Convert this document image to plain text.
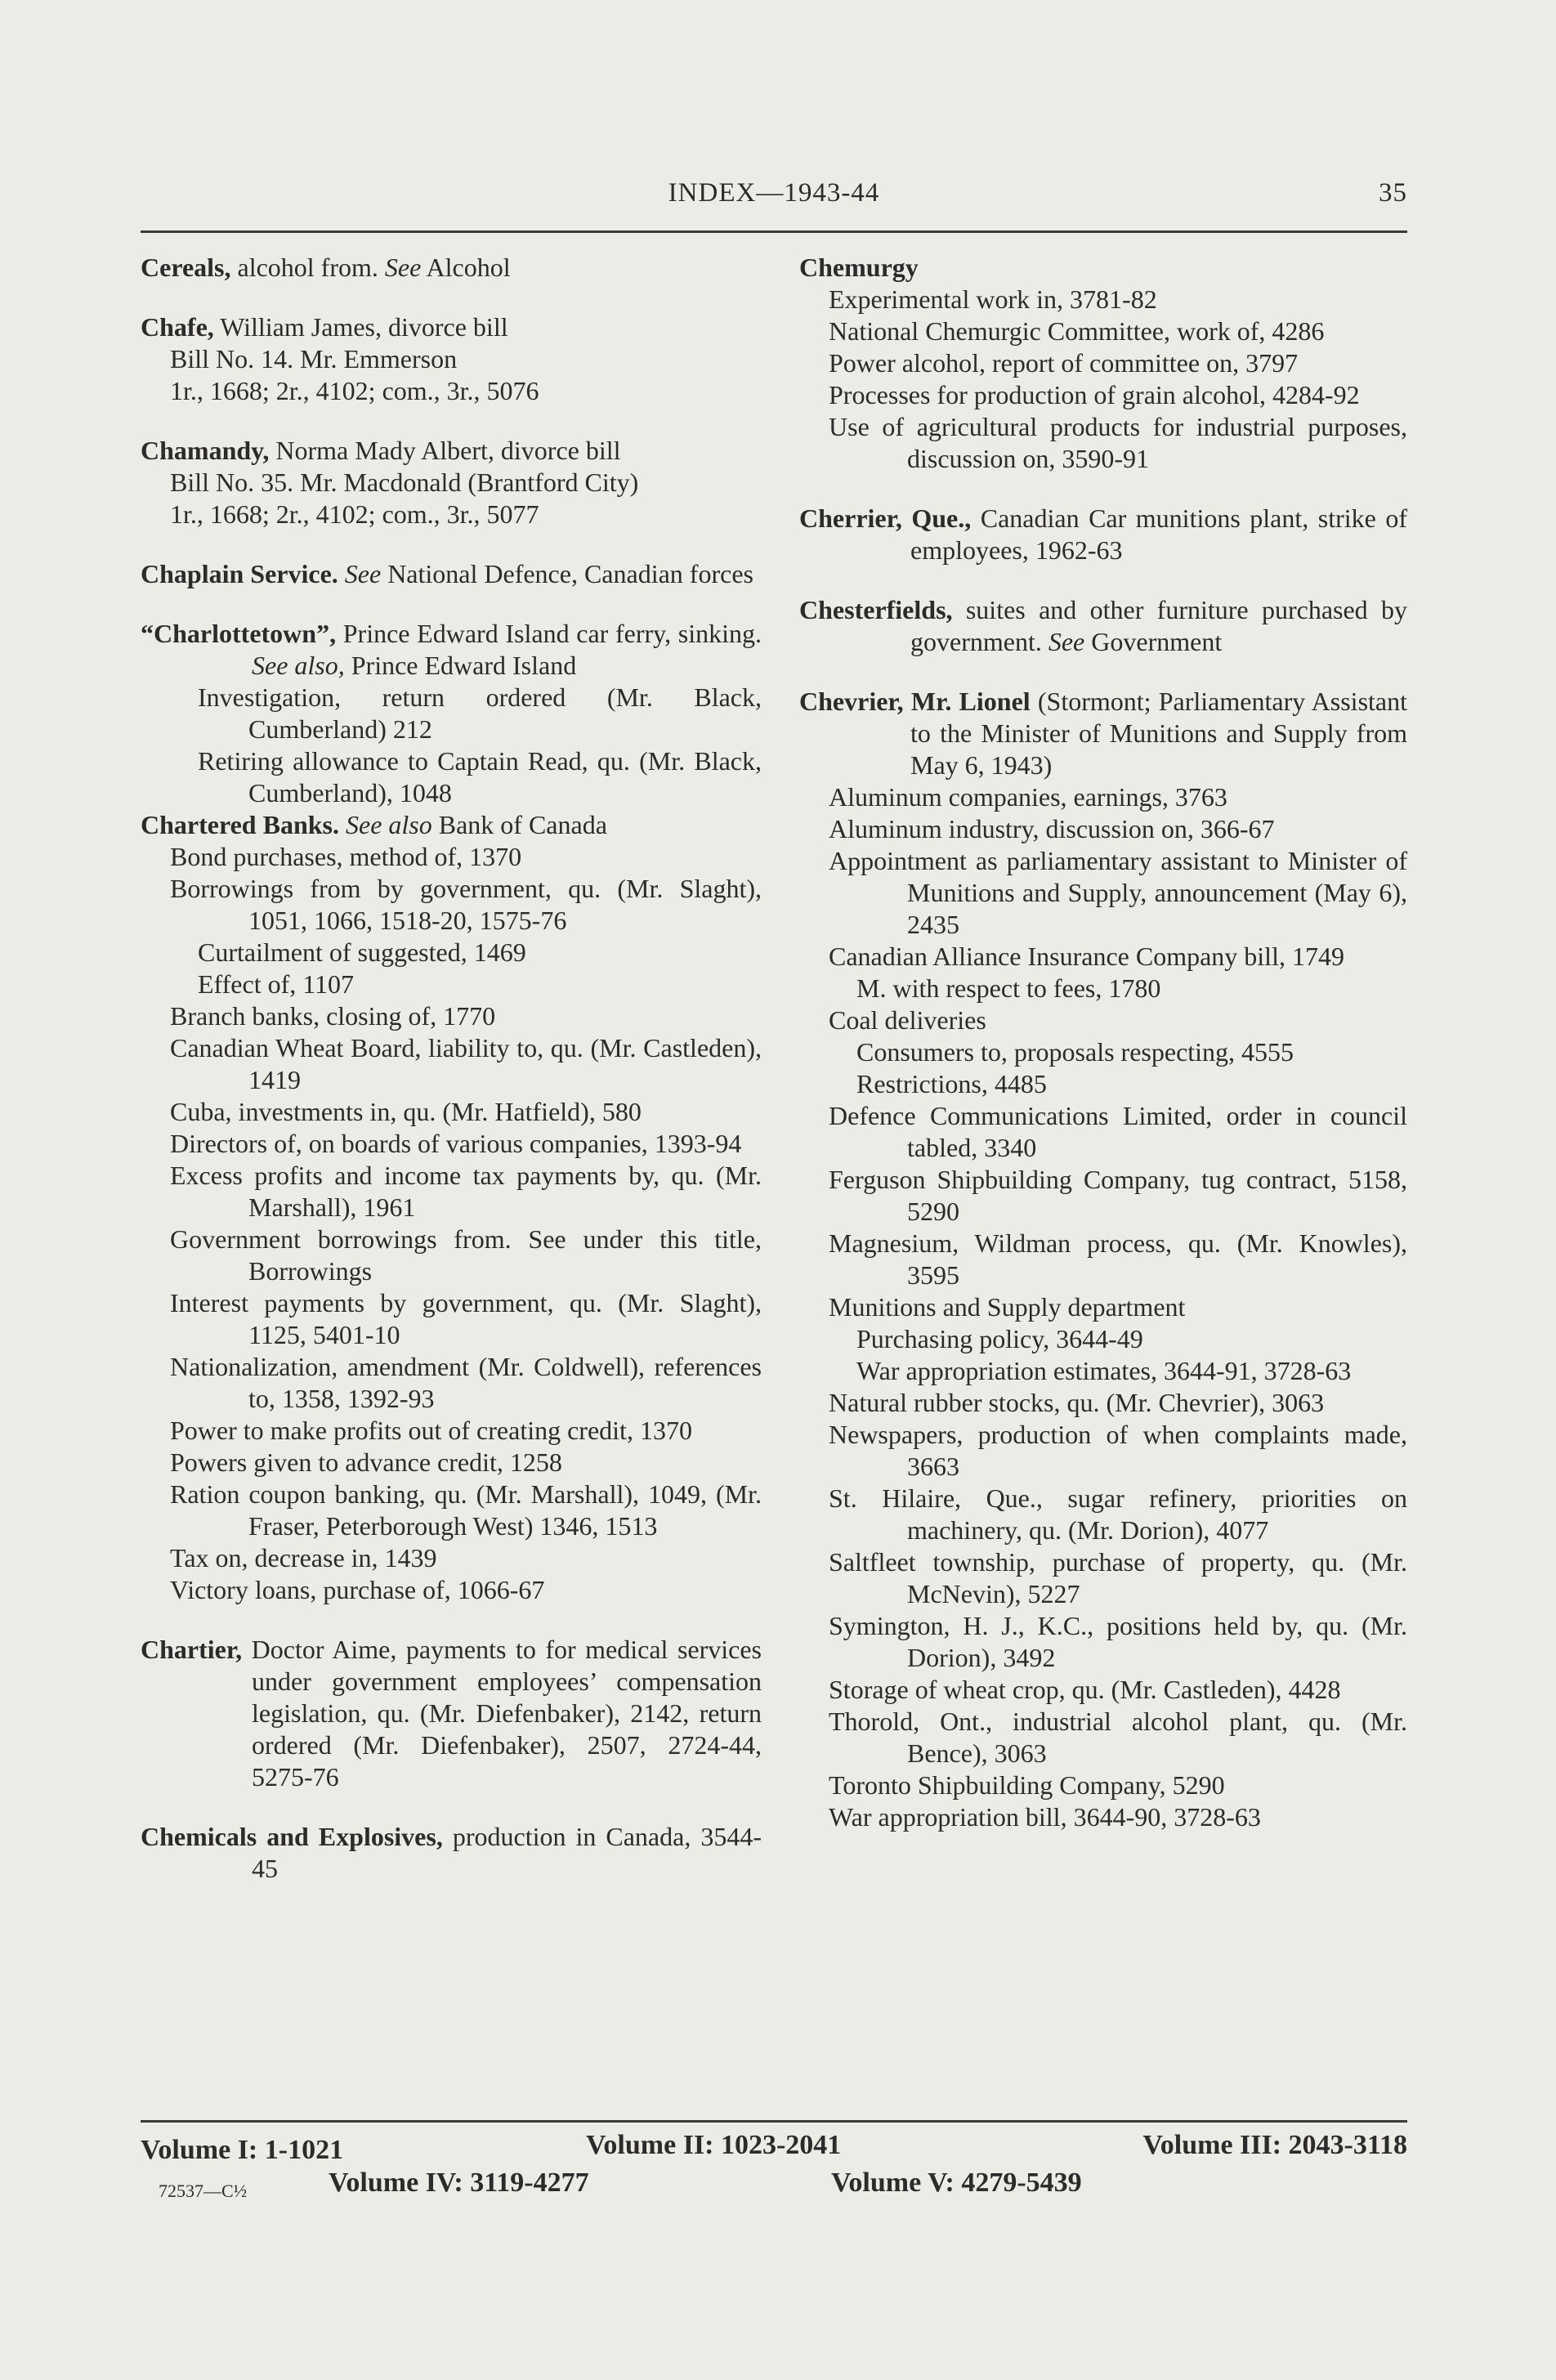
INDEX—1943-44	35
Cereals, alcohol from. See Alcohol
Chafe, William James, divorce bill
Bill No. 14. Mr. Emmerson
1r., 1668; 2r., 4102; com., 3r., 5076
Chamandy, Norma Mady Albert, divorce bill
Bill No. 35. Mr. Macdonald (Brantford City)
1r., 1668; 2r., 4102; com., 3r., 5077
Chaplain Service. See National Defence, Canadian forces
“Charlottetown”, Prince Edward Island car ferry, sinking. See also, Prince Edward Island
Investigation, return ordered (Mr. Black, Cumberland) 212
Retiring allowance to Captain Read, qu. (Mr. Black, Cumberland), 1048
Chartered Banks. See also Bank of Canada
Bond purchases, method of, 1370
Borrowings from by government, qu. (Mr. Slaght), 1051, 1066, 1518-20, 1575-76
Curtailment of suggested, 1469
Effect of, 1107
Branch banks, closing of, 1770
Canadian Wheat Board, liability to, qu. (Mr. Castleden), 1419
Cuba, investments in, qu. (Mr. Hatfield), 580
Directors of, on boards of various companies, 1393-94
Excess profits and income tax payments by, qu. (Mr. Marshall), 1961
Government borrowings from. See under this title, Borrowings
Interest payments by government, qu. (Mr. Slaght), 1125, 5401-10
Nationalization, amendment (Mr. Coldwell), references to, 1358, 1392-93
Power to make profits out of creating credit, 1370
Powers given to advance credit, 1258
Ration coupon banking, qu. (Mr. Marshall), 1049, (Mr. Fraser, Peterborough West) 1346, 1513
Tax on, decrease in, 1439
Victory loans, purchase of, 1066-67
Chartier, Doctor Aime, payments to for medical services under government employees’ compensation legislation, qu. (Mr. Diefenbaker), 2142, return ordered (Mr. Diefenbaker), 2507, 2724-44, 5275-76
Chemicals and Explosives, production in Canada, 3544-45
Chemurgy
Experimental work in, 3781-82
National Chemurgic Committee, work of, 4286
Power alcohol, report of committee on, 3797
Processes for production of grain alcohol, 4284-92
Use of agricultural products for industrial purposes, discussion on, 3590-91
Cherrier, Que., Canadian Car munitions plant, strike of employees, 1962-63
Chesterfields, suites and other furniture purchased by government. See Government
Chevrier, Mr. Lionel (Stormont; Parliamentary Assistant to the Minister of Munitions and Supply from May 6, 1943)
Aluminum companies, earnings, 3763
Aluminum industry, discussion on, 366-67
Appointment as parliamentary assistant to Minister of Munitions and Supply, announcement (May 6), 2435
Canadian Alliance Insurance Company bill, 1749
M. with respect to fees, 1780
Coal deliveries
Consumers to, proposals respecting, 4555
Restrictions, 4485
Defence Communications Limited, order in council tabled, 3340
Ferguson Shipbuilding Company, tug contract, 5158, 5290
Magnesium, Wildman process, qu. (Mr. Knowles), 3595
Munitions and Supply department
Purchasing policy, 3644-49
War appropriation estimates, 3644-91, 3728-63
Natural rubber stocks, qu. (Mr. Chevrier), 3063
Newspapers, production of when complaints made, 3663
St. Hilaire, Que., sugar refinery, priorities on machinery, qu. (Mr. Dorion), 4077
Saltfleet township, purchase of property, qu. (Mr. McNevin), 5227
Symington, H. J., K.C., positions held by, qu. (Mr. Dorion), 3492
Storage of wheat crop, qu. (Mr. Castleden), 4428
Thorold, Ont., industrial alcohol plant, qu. (Mr. Bence), 3063
Toronto Shipbuilding Company, 5290
War appropriation bill, 3644-90, 3728-63
Volume I: 1-1021	Volume II: 1023-2041	Volume III: 2043-3118
72537—C½	Volume IV: 3119-4277	Volume V: 4279-5439
